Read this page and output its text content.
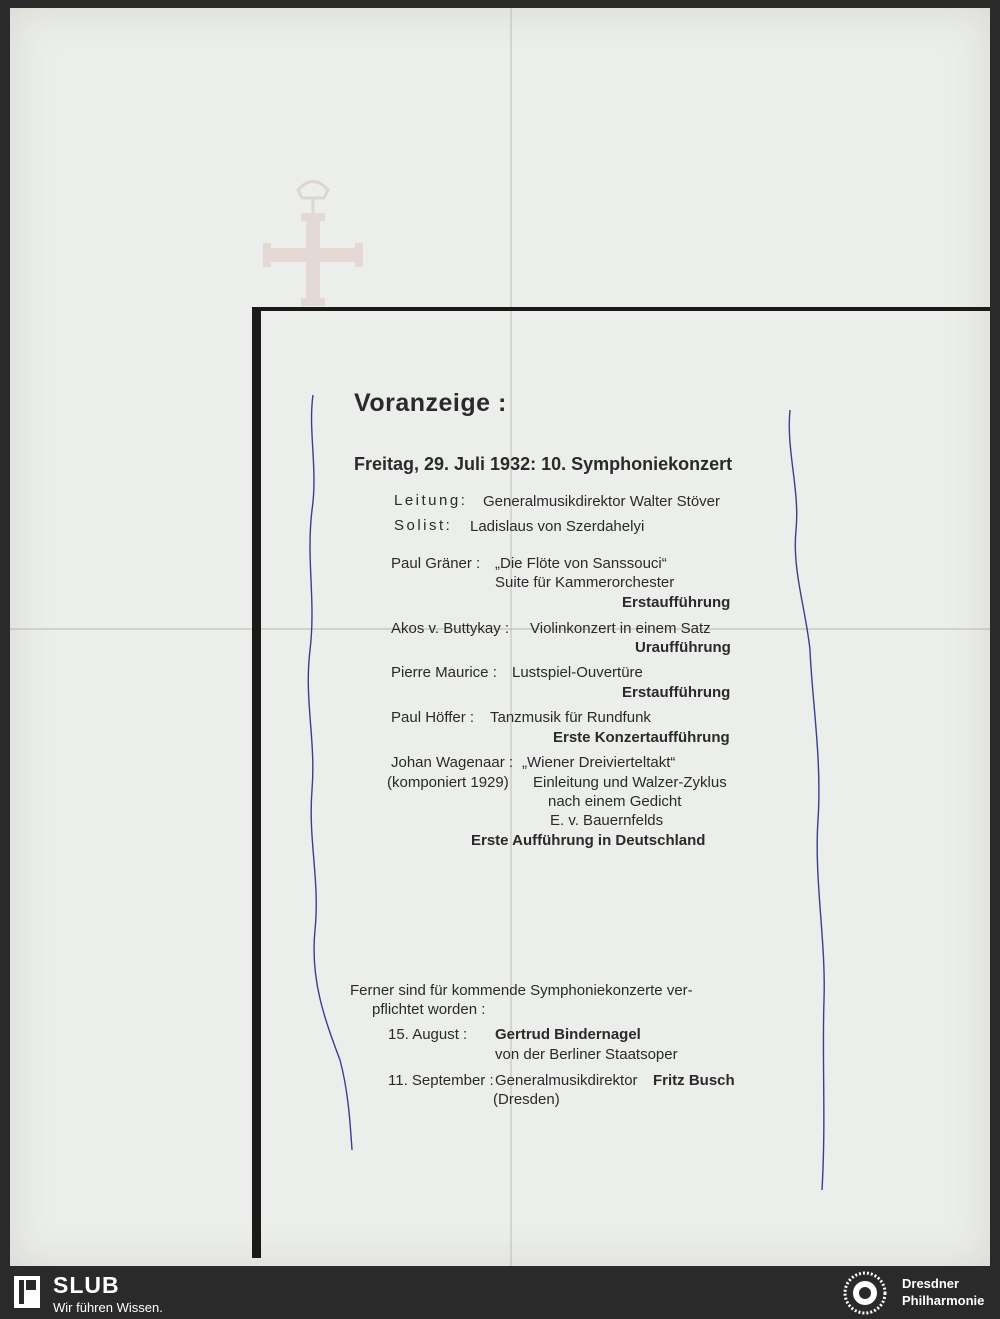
Voranzeige :
Freitag, 29. Juli 1932: 10. Symphoniekonzert
Leitung: Generalmusikdirektor Walter Stöver
Solist: Ladislaus von Szerdahelyi
Paul Gräner : „Die Flöte von Sanssouci“
Suite für Kammerorchester
Erstaufführung
Akos v. Buttykay : Violinkonzert in einem Satz
Uraufführung
Pierre Maurice : Lustspiel-Ouvertüre
Erstaufführung
Paul Höffer : Tanzmusik für Rundfunk
Erste Konzertaufführung
Johan Wagenaar : „Wiener Dreivierteltakt“
(komponiert 1929) Einleitung und Walzer-Zyklus
nach einem Gedicht
E. v. Bauernfelds
Erste Aufführung in Deutschland
Ferner sind für kommende Symphoniekonzerte ver-
pflichtet worden :
15. August : Gertrud Bindernagel
von der Berliner Staatsoper
11. September : Generalmusikdirektor Fritz Busch
(Dresden)
SLUB
Wir führen Wissen.
Dresdner
Philharmonie
